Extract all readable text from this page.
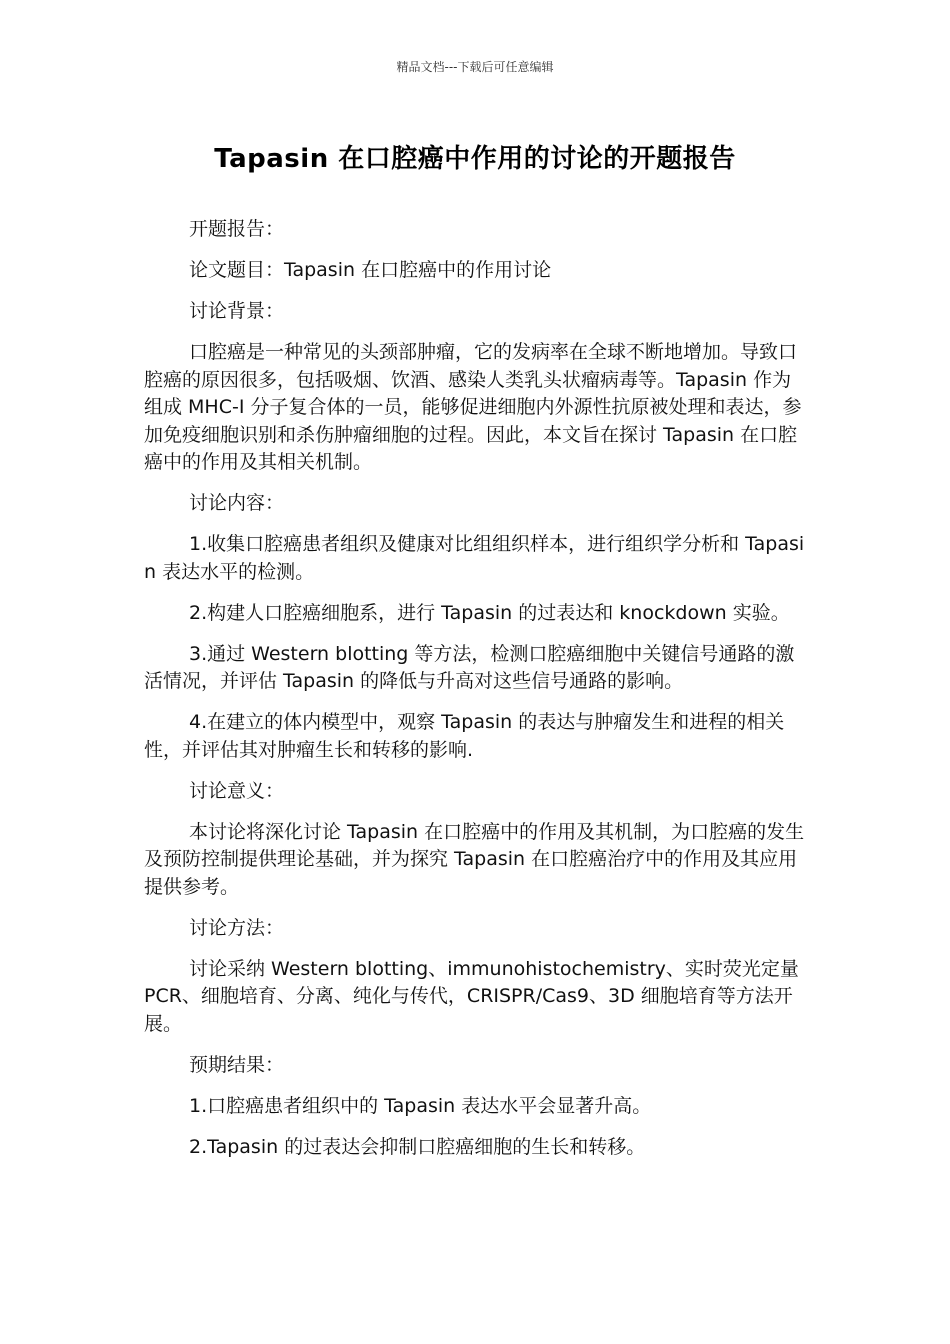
精品文档---下载后可任意编辑
Tapasin 在口腔癌中作用的讨论的开题报告

开题报告：

论文题目：Tapasin 在口腔癌中的作用讨论

讨论背景：

口腔癌是一种常见的头颈部肿瘤，它的发病率在全球不断地增加。导致口腔癌的原因很多，包括吸烟、饮酒、感染人类乳头状瘤病毒等。Tapasin 作为组成 MHC-I 分子复合体的一员，能够促进细胞内外源性抗原被处理和表达，参加免疫细胞识别和杀伤肿瘤细胞的过程。因此，本文旨在探讨 Tapasin 在口腔癌中的作用及其相关机制。

讨论内容：

1.收集口腔癌患者组织及健康对比组组织样本，进行组织学分析和 Tapasin 表达水平的检测。

2.构建人口腔癌细胞系，进行 Tapasin 的过表达和 knockdown 实验。

3.通过 Western blotting 等方法，检测口腔癌细胞中关键信号通路的激活情况，并评估 Tapasin 的降低与升高对这些信号通路的影响。

4.在建立的体内模型中，观察 Tapasin 的表达与肿瘤发生和进程的相关性，并评估其对肿瘤生长和转移的影响.

讨论意义：

本讨论将深化讨论 Tapasin 在口腔癌中的作用及其机制，为口腔癌的发生及预防控制提供理论基础，并为探究 Tapasin 在口腔癌治疗中的作用及其应用提供参考。

讨论方法：

讨论采纳 Western blotting、immunohistochemistry、实时荧光定量 PCR、细胞培育、分离、纯化与传代，CRISPR/Cas9、3D 细胞培育等方法开展。

预期结果：

1.口腔癌患者组织中的 Tapasin 表达水平会显著升高。

2.Tapasin 的过表达会抑制口腔癌细胞的生长和转移。
